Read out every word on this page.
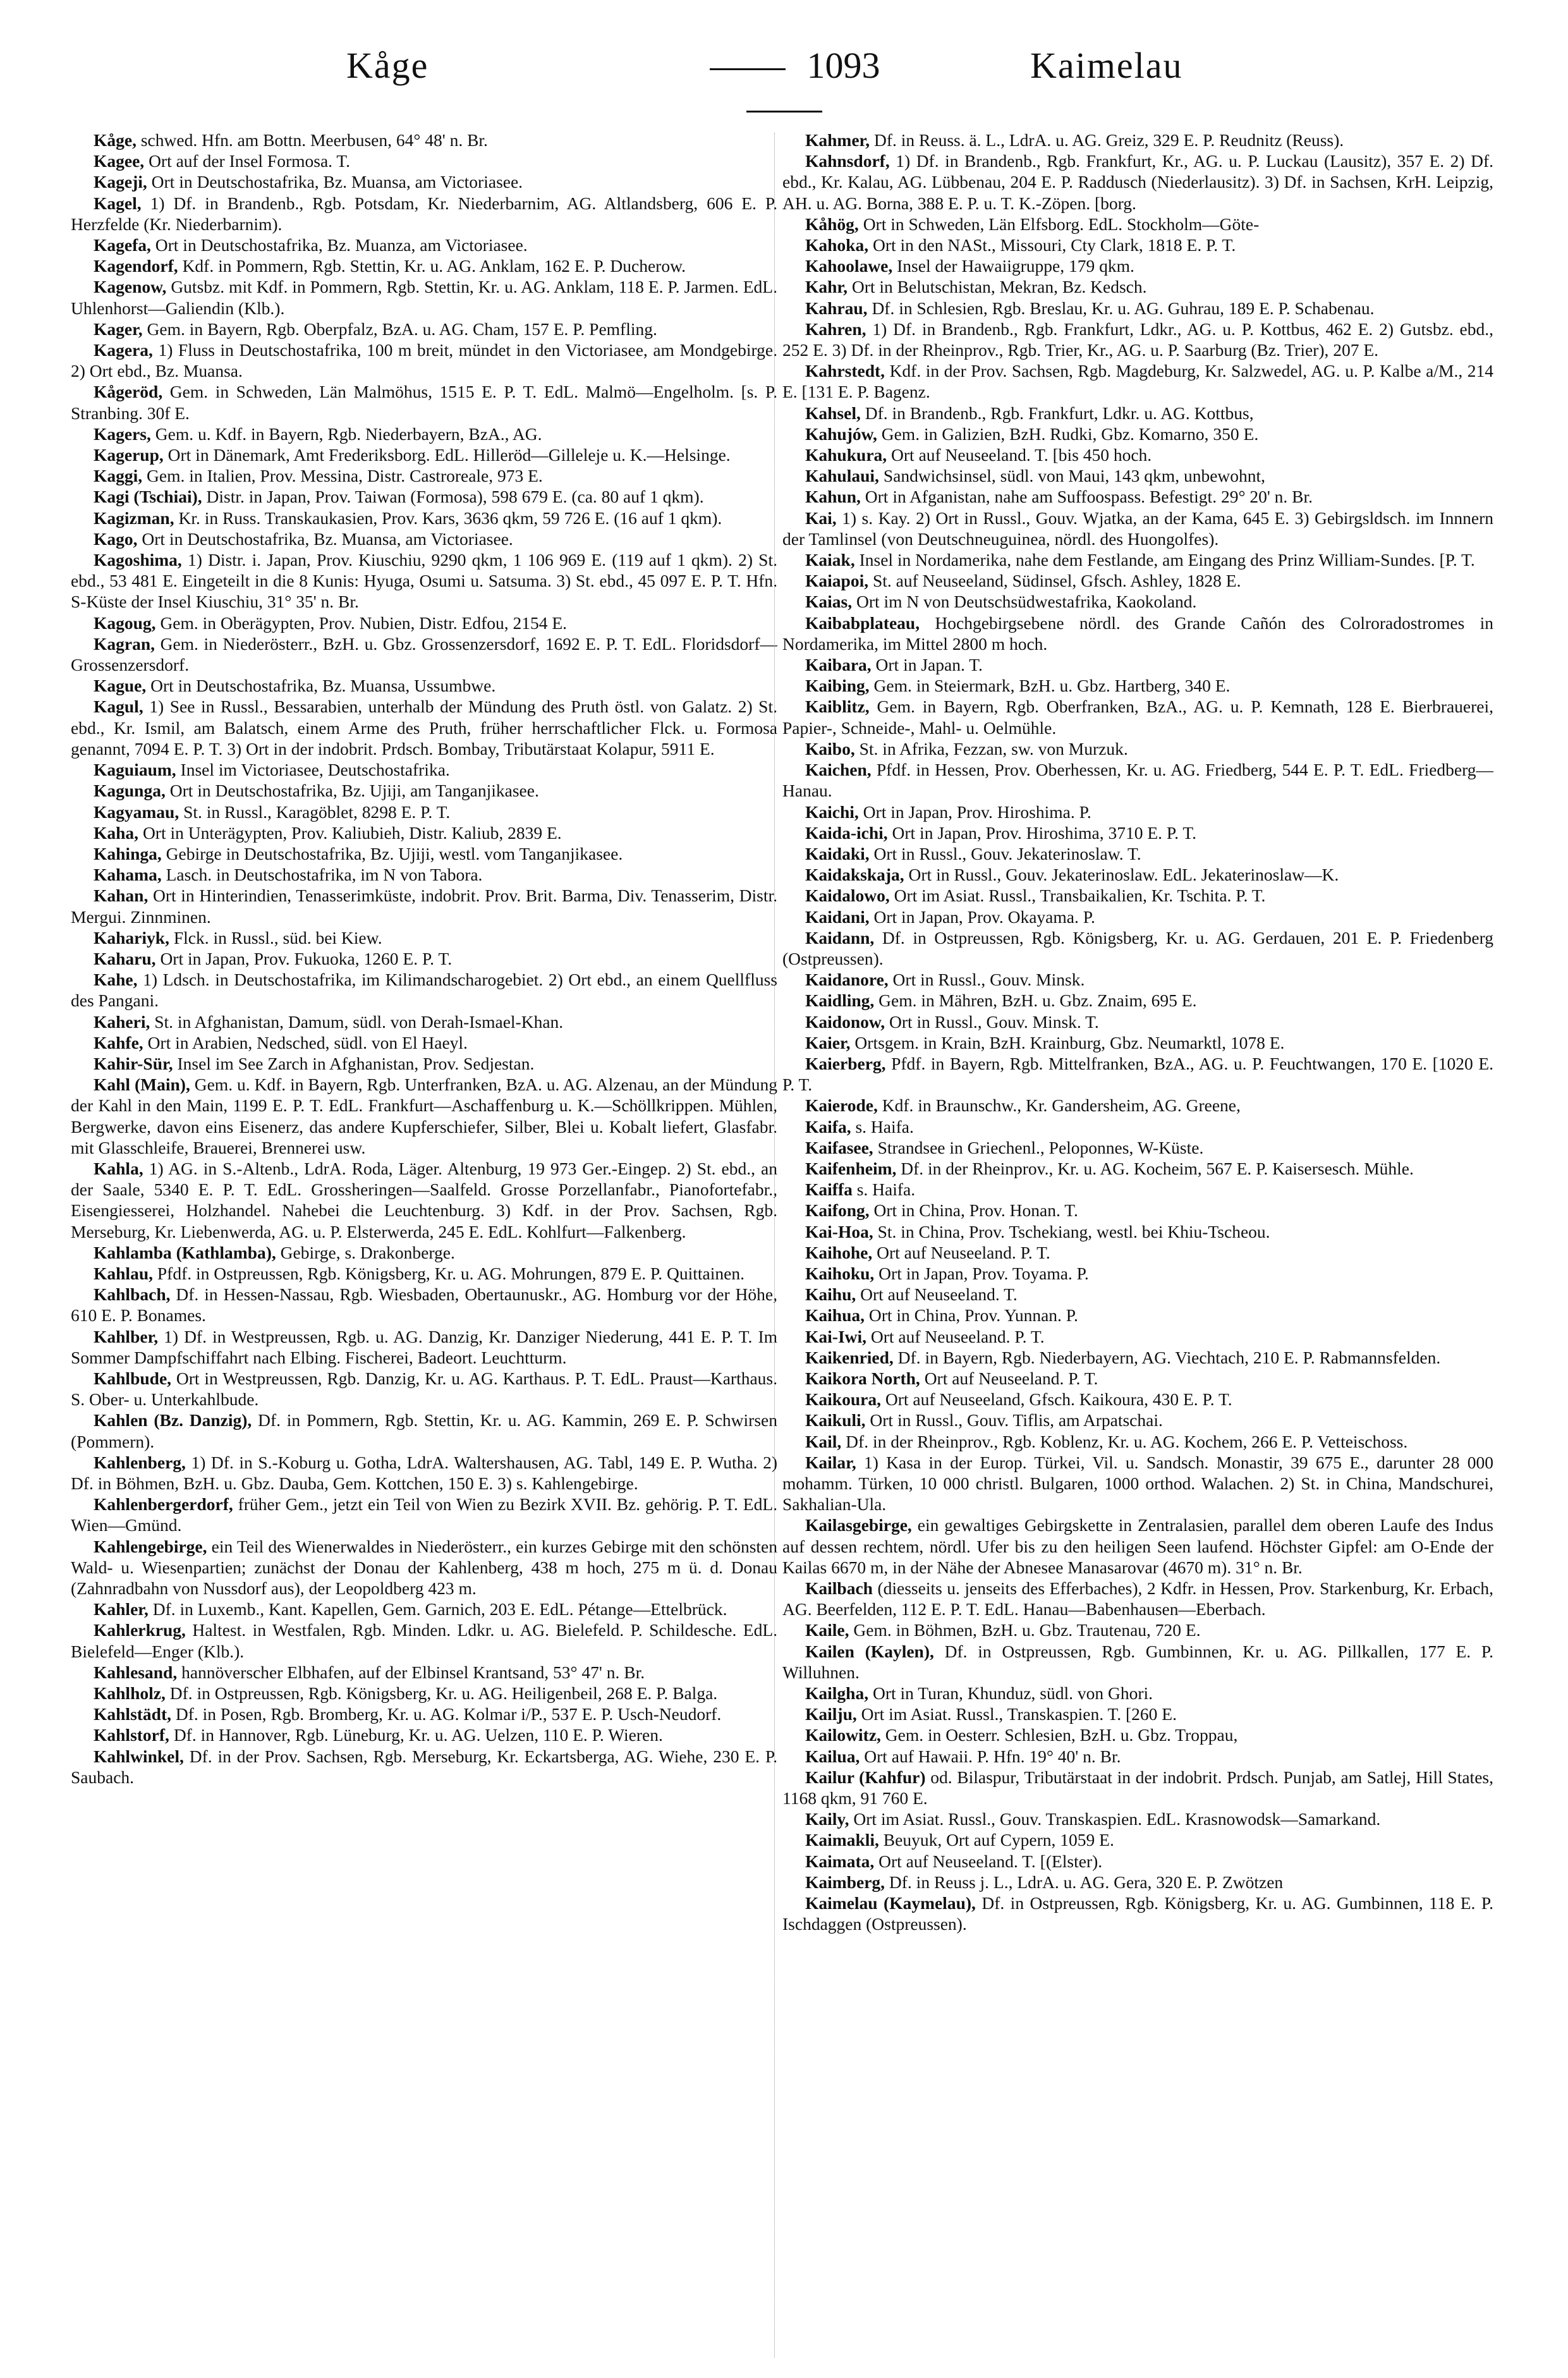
Kåge	1093	Kaimelau

Kåge, schwed. Hfn. am Bottn. Meerbusen, 64° 48' n. Br.

Kagee, Ort auf der Insel Formosa. T.

Kageji, Ort in Deutschostafrika, Bz. Muansa, am Victoriasee.

Kagel, 1) Df. in Brandenb., Rgb. Potsdam, Kr. Niederbarnim, AG. Altlandsberg, 606 E. P. Herzfelde (Kr. Niederbarnim).

Kagefa, Ort in Deutschostafrika, Bz. Muanza, am Victoriasee.

Kagendorf, Kdf. in Pommern, Rgb. Stettin, Kr. u. AG. Anklam, 162 E. P. Ducherow.

Kagenow, Gutsbz. mit Kdf. in Pommern, Rgb. Stettin, Kr. u. AG. Anklam, 118 E. P. Jarmen. EdL. Uhlenhorst—Galiendin (Klb.).

Kager, Gem. in Bayern, Rgb. Oberpfalz, BzA. u. AG. Cham, 157 E. P. Pemfling.

Kagera, 1) Fluss in Deutschostafrika, 100 m breit, mündet in den Victoriasee, am Mondgebirge. 2) Ort ebd., Bz. Muansa.

Kågeröd, Gem. in Schweden, Län Malmöhus, 1515 E. P. T. EdL. Malmö—Engelholm. [s. P. Stranbing. 30f E.

Kagers, Gem. u. Kdf. in Bayern, Rgb. Niederbayern, BzA., AG.

Kagerup, Ort in Dänemark, Amt Frederiksborg. EdL. Hilleröd—Gilleleje u. K.—Helsinge.

Kaggi, Gem. in Italien, Prov. Messina, Distr. Castroreale, 973 E.

Kagi (Tschiai), Distr. in Japan, Prov. Taiwan (Formosa), 598 679 E. (ca. 80 auf 1 qkm).

Kagizman, Kr. in Russ. Transkaukasien, Prov. Kars, 3636 qkm, 59 726 E. (16 auf 1 qkm).

Kago, Ort in Deutschostafrika, Bz. Muansa, am Victoriasee.

Kagoshima, 1) Distr. i. Japan, Prov. Kiuschiu, 9290 qkm, 1 106 969 E. (119 auf 1 qkm). 2) St. ebd., 53 481 E. Eingeteilt in die 8 Kunis: Hyuga, Osumi u. Satsuma. 3) St. ebd., 45 097 E. P. T. Hfn. S-Küste der Insel Kiuschiu, 31° 35' n. Br.

Kagoug, Gem. in Oberägypten, Prov. Nubien, Distr. Edfou, 2154 E.

Kagran, Gem. in Niederösterr., BzH. u. Gbz. Grossenzersdorf, 1692 E. P. T. EdL. Floridsdorf—Grossenzersdorf.

Kague, Ort in Deutschostafrika, Bz. Muansa, Ussumbwe.

Kagul, 1) See in Russl., Bessarabien, unterhalb der Mündung des Pruth östl. von Galatz. 2) St. ebd., Kr. Ismil, am Balatsch, einem Arme des Pruth, früher herrschaftlicher Flck. u. Formosa genannt, 7094 E. P. T. 3) Ort in der indobrit. Prdsch. Bombay, Tributärstaat Kolapur, 5911 E.

Kaguiaum, Insel im Victoriasee, Deutschostafrika.

Kagunga, Ort in Deutschostafrika, Bz. Ujiji, am Tanganjikasee.

Kagyamau, St. in Russl., Karagöblet, 8298 E. P. T.

Kaha, Ort in Unterägypten, Prov. Kaliubieh, Distr. Kaliub, 2839 E.

Kahinga, Gebirge in Deutschostafrika, Bz. Ujiji, westl. vom Tanganjikasee.

Kahama, Lasch. in Deutschostafrika, im N von Tabora.

Kahan, Ort in Hinterindien, Tenasserimküste, indobrit. Prov. Brit. Barma, Div. Tenasserim, Distr. Mergui. Zinnminen.

Kahariyk, Flck. in Russl., süd. bei Kiew.

Kaharu, Ort in Japan, Prov. Fukuoka, 1260 E. P. T.

Kahe, 1) Ldsch. in Deutschostafrika, im Kilimandscharogebiet. 2) Ort ebd., an einem Quellfluss des Pangani.

Kaheri, St. in Afghanistan, Damum, südl. von Derah-Ismael-Khan.

Kahfe, Ort in Arabien, Nedsched, südl. von El Haeyl.

Kahir-Sür, Insel im See Zarch in Afghanistan, Prov. Sedjestan.

Kahl (Main), Gem. u. Kdf. in Bayern, Rgb. Unterfranken, BzA. u. AG. Alzenau, an der Mündung der Kahl in den Main, 1199 E. P. T. EdL. Frankfurt—Aschaffenburg u. K.—Schöllkrippen. Mühlen, Bergwerke, davon eins Eisenerz, das andere Kupferschiefer, Silber, Blei u. Kobalt liefert, Glasfabr. mit Glasschleife, Brauerei, Brennerei usw.

Kahla, 1) AG. in S.-Altenb., LdrA. Roda, Läger. Altenburg, 19 973 Ger.-Eingep. 2) St. ebd., an der Saale, 5340 E. P. T. EdL. Grossheringen—Saalfeld. Grosse Porzellanfabr., Pianofortefabr., Eisengiesserei, Holzhandel. Nahebei die Leuchtenburg. 3) Kdf. in der Prov. Sachsen, Rgb. Merseburg, Kr. Liebenwerda, AG. u. P. Elsterwerda, 245 E. EdL. Kohlfurt—Falkenberg.

Kahlamba (Kathlamba), Gebirge, s. Drakonberge.

Kahlau, Pfdf. in Ostpreussen, Rgb. Königsberg, Kr. u. AG. Mohrungen, 879 E. P. Quittainen.

Kahlbach, Df. in Hessen-Nassau, Rgb. Wiesbaden, Obertaunuskr., AG. Homburg vor der Höhe, 610 E. P. Bonames.

Kahlber, 1) Df. in Westpreussen, Rgb. u. AG. Danzig, Kr. Danziger Niederung, 441 E. P. T. Im Sommer Dampfschiffahrt nach Elbing. Fischerei, Badeort. Leuchtturm.

Kahlbude, Ort in Westpreussen, Rgb. Danzig, Kr. u. AG. Karthaus. P. T. EdL. Praust—Karthaus. S. Ober- u. Unterkahlbude.

Kahlen (Bz. Danzig), Df. in Pommern, Rgb. Stettin, Kr. u. AG. Kammin, 269 E. P. Schwirsen (Pommern).

Kahlenberg, 1) Df. in S.-Koburg u. Gotha, LdrA. Waltershausen, AG. Tabl, 149 E. P. Wutha. 2) Df. in Böhmen, BzH. u. Gbz. Dauba, Gem. Kottchen, 150 E. 3) s. Kahlengebirge.

Kahlenbergerdorf, früher Gem., jetzt ein Teil von Wien zu Bezirk XVII. Bz. gehörig. P. T. EdL. Wien—Gmünd.

Kahlengebirge, ein Teil des Wienerwaldes in Niederösterr., ein kurzes Gebirge mit den schönsten Wald- u. Wiesenpartien; zunächst der Donau der Kahlenberg, 438 m hoch, 275 m ü. d. Donau (Zahnradbahn von Nussdorf aus), der Leopoldberg 423 m.

Kahler, Df. in Luxemb., Kant. Kapellen, Gem. Garnich, 203 E. EdL. Pétange—Ettelbrück.

Kahlerkrug, Haltest. in Westfalen, Rgb. Minden. Ldkr. u. AG. Bielefeld. P. Schildesche. EdL. Bielefeld—Enger (Klb.).

Kahlesand, hannöverscher Elbhafen, auf der Elbinsel Krantsand, 53° 47' n. Br.

Kahlholz, Df. in Ostpreussen, Rgb. Königsberg, Kr. u. AG. Heiligenbeil, 268 E. P. Balga.

Kahlstädt, Df. in Posen, Rgb. Bromberg, Kr. u. AG. Kolmar i/P., 537 E. P. Usch-Neudorf.

Kahlstorf, Df. in Hannover, Rgb. Lüneburg, Kr. u. AG. Uelzen, 110 E. P. Wieren.

Kahlwinkel, Df. in der Prov. Sachsen, Rgb. Merseburg, Kr. Eckartsberga, AG. Wiehe, 230 E. P. Saubach.

Kahmer, Df. in Reuss. ä. L., LdrA. u. AG. Greiz, 329 E. P. Reudnitz (Reuss).

Kahnsdorf, 1) Df. in Brandenb., Rgb. Frankfurt, Kr., AG. u. P. Luckau (Lausitz), 357 E. 2) Df. ebd., Kr. Kalau, AG. Lübbenau, 204 E. P. Raddusch (Niederlausitz). 3) Df. in Sachsen, KrH. Leipzig, AH. u. AG. Borna, 388 E. P. u. T. K.-Zöpen. [borg.

Kåhög, Ort in Schweden, Län Elfsborg. EdL. Stockholm—Göte-

Kahoka, Ort in den NASt., Missouri, Cty Clark, 1818 E. P. T.

Kahoolawe, Insel der Hawaiigruppe, 179 qkm.

Kahr, Ort in Belutschistan, Mekran, Bz. Kedsch.

Kahrau, Df. in Schlesien, Rgb. Breslau, Kr. u. AG. Guhrau, 189 E. P. Schabenau.

Kahren, 1) Df. in Brandenb., Rgb. Frankfurt, Ldkr., AG. u. P. Kottbus, 462 E. 2) Gutsbz. ebd., 252 E. 3) Df. in der Rheinprov., Rgb. Trier, Kr., AG. u. P. Saarburg (Bz. Trier), 207 E.

Kahrstedt, Kdf. in der Prov. Sachsen, Rgb. Magdeburg, Kr. Salzwedel, AG. u. P. Kalbe a/M., 214 E. [131 E. P. Bagenz.

Kahsel, Df. in Brandenb., Rgb. Frankfurt, Ldkr. u. AG. Kottbus,

Kahujów, Gem. in Galizien, BzH. Rudki, Gbz. Komarno, 350 E.

Kahukura, Ort auf Neuseeland. T. [bis 450 hoch.

Kahulaui, Sandwichsinsel, südl. von Maui, 143 qkm, unbewohnt,

Kahun, Ort in Afganistan, nahe am Suffoospass. Befestigt. 29° 20' n. Br.

Kai, 1) s. Kay. 2) Ort in Russl., Gouv. Wjatka, an der Kama, 645 E. 3) Gebirgsldsch. im Innnern der Tamlinsel (von Deutschneuguinea, nördl. des Huongolfes).

Kaiak, Insel in Nordamerika, nahe dem Festlande, am Eingang des Prinz William-Sundes. [P. T.

Kaiapoi, St. auf Neuseeland, Südinsel, Gfsch. Ashley, 1828 E.

Kaias, Ort im N von Deutschsüdwestafrika, Kaokoland.

Kaibabplateau, Hochgebirgsebene nördl. des Grande Cañón des Colroradostromes in Nordamerika, im Mittel 2800 m hoch.

Kaibara, Ort in Japan. T.

Kaibing, Gem. in Steiermark, BzH. u. Gbz. Hartberg, 340 E.

Kaiblitz, Gem. in Bayern, Rgb. Oberfranken, BzA., AG. u. P. Kemnath, 128 E. Bierbrauerei, Papier-, Schneide-, Mahl- u. Oelmühle.

Kaibo, St. in Afrika, Fezzan, sw. von Murzuk.

Kaichen, Pfdf. in Hessen, Prov. Oberhessen, Kr. u. AG. Friedberg, 544 E. P. T. EdL. Friedberg—Hanau.

Kaichi, Ort in Japan, Prov. Hiroshima. P.

Kaida-ichi, Ort in Japan, Prov. Hiroshima, 3710 E. P. T.

Kaidaki, Ort in Russl., Gouv. Jekaterinoslaw. T.

Kaidakskaja, Ort in Russl., Gouv. Jekaterinoslaw. EdL. Jekaterinoslaw—K.

Kaidalowo, Ort im Asiat. Russl., Transbaikalien, Kr. Tschita. P. T.

Kaidani, Ort in Japan, Prov. Okayama. P.

Kaidann, Df. in Ostpreussen, Rgb. Königsberg, Kr. u. AG. Gerdauen, 201 E. P. Friedenberg (Ostpreussen).

Kaidanore, Ort in Russl., Gouv. Minsk.

Kaidling, Gem. in Mähren, BzH. u. Gbz. Znaim, 695 E.

Kaidonow, Ort in Russl., Gouv. Minsk. T.

Kaier, Ortsgem. in Krain, BzH. Krainburg, Gbz. Neumarktl, 1078 E.

Kaierberg, Pfdf. in Bayern, Rgb. Mittelfranken, BzA., AG. u. P. Feuchtwangen, 170 E. [1020 E. P. T.

Kaierode, Kdf. in Braunschw., Kr. Gandersheim, AG. Greene,

Kaifa, s. Haifa.

Kaifasee, Strandsee in Griechenl., Peloponnes, W-Küste.

Kaifenheim, Df. in der Rheinprov., Kr. u. AG. Kocheim, 567 E. P. Kaisersesch. Mühle.

Kaiffa s. Haifa.

Kaifong, Ort in China, Prov. Honan. T.

Kai-Hoa, St. in China, Prov. Tschekiang, westl. bei Khiu-Tscheou.

Kaihohe, Ort auf Neuseeland. P. T.

Kaihoku, Ort in Japan, Prov. Toyama. P.

Kaihu, Ort auf Neuseeland. T.

Kaihua, Ort in China, Prov. Yunnan. P.

Kai-Iwi, Ort auf Neuseeland. P. T.

Kaikenried, Df. in Bayern, Rgb. Niederbayern, AG. Viechtach, 210 E. P. Rabmannsfelden.

Kaikora North, Ort auf Neuseeland. P. T.

Kaikoura, Ort auf Neuseeland, Gfsch. Kaikoura, 430 E. P. T.

Kaikuli, Ort in Russl., Gouv. Tiflis, am Arpatschai.

Kail, Df. in der Rheinprov., Rgb. Koblenz, Kr. u. AG. Kochem, 266 E. P. Vetteischoss.

Kailar, 1) Kasa in der Europ. Türkei, Vil. u. Sandsch. Monastir, 39 675 E., darunter 28 000 mohamm. Türken, 10 000 christl. Bulgaren, 1000 orthod. Walachen. 2) St. in China, Mandschurei, Sakhalian-Ula.

Kailasgebirge, ein gewaltiges Gebirgskette in Zentralasien, parallel dem oberen Laufe des Indus auf dessen rechtem, nördl. Ufer bis zu den heiligen Seen laufend. Höchster Gipfel: am O-Ende der Kailas 6670 m, in der Nähe der Abnesee Manasarovar (4670 m). 31° n. Br.

Kailbach (diesseits u. jenseits des Efferbaches), 2 Kdfr. in Hessen, Prov. Starkenburg, Kr. Erbach, AG. Beerfelden, 112 E. P. T. EdL. Hanau—Babenhausen—Eberbach.

Kaile, Gem. in Böhmen, BzH. u. Gbz. Trautenau, 720 E.

Kailen (Kaylen), Df. in Ostpreussen, Rgb. Gumbinnen, Kr. u. AG. Pillkallen, 177 E. P. Willuhnen.

Kailgha, Ort in Turan, Khunduz, südl. von Ghori.

Kailju, Ort im Asiat. Russl., Transkaspien. T. [260 E.

Kailowitz, Gem. in Oesterr. Schlesien, BzH. u. Gbz. Troppau,

Kailua, Ort auf Hawaii. P. Hfn. 19° 40' n. Br.

Kailur (Kahfur) od. Bilaspur, Tributärstaat in der indobrit. Prdsch. Punjab, am Satlej, Hill States, 1168 qkm, 91 760 E.

Kaily, Ort im Asiat. Russl., Gouv. Transkaspien. EdL. Krasnowodsk—Samarkand.

Kaimakli, Beuyuk, Ort auf Cypern, 1059 E.

Kaimata, Ort auf Neuseeland. T. [(Elster).

Kaimberg, Df. in Reuss j. L., LdrA. u. AG. Gera, 320 E. P. Zwötzen

Kaimelau (Kaymelau), Df. in Ostpreussen, Rgb. Königsberg, Kr. u. AG. Gumbinnen, 118 E. P. Ischdaggen (Ostpreussen).
